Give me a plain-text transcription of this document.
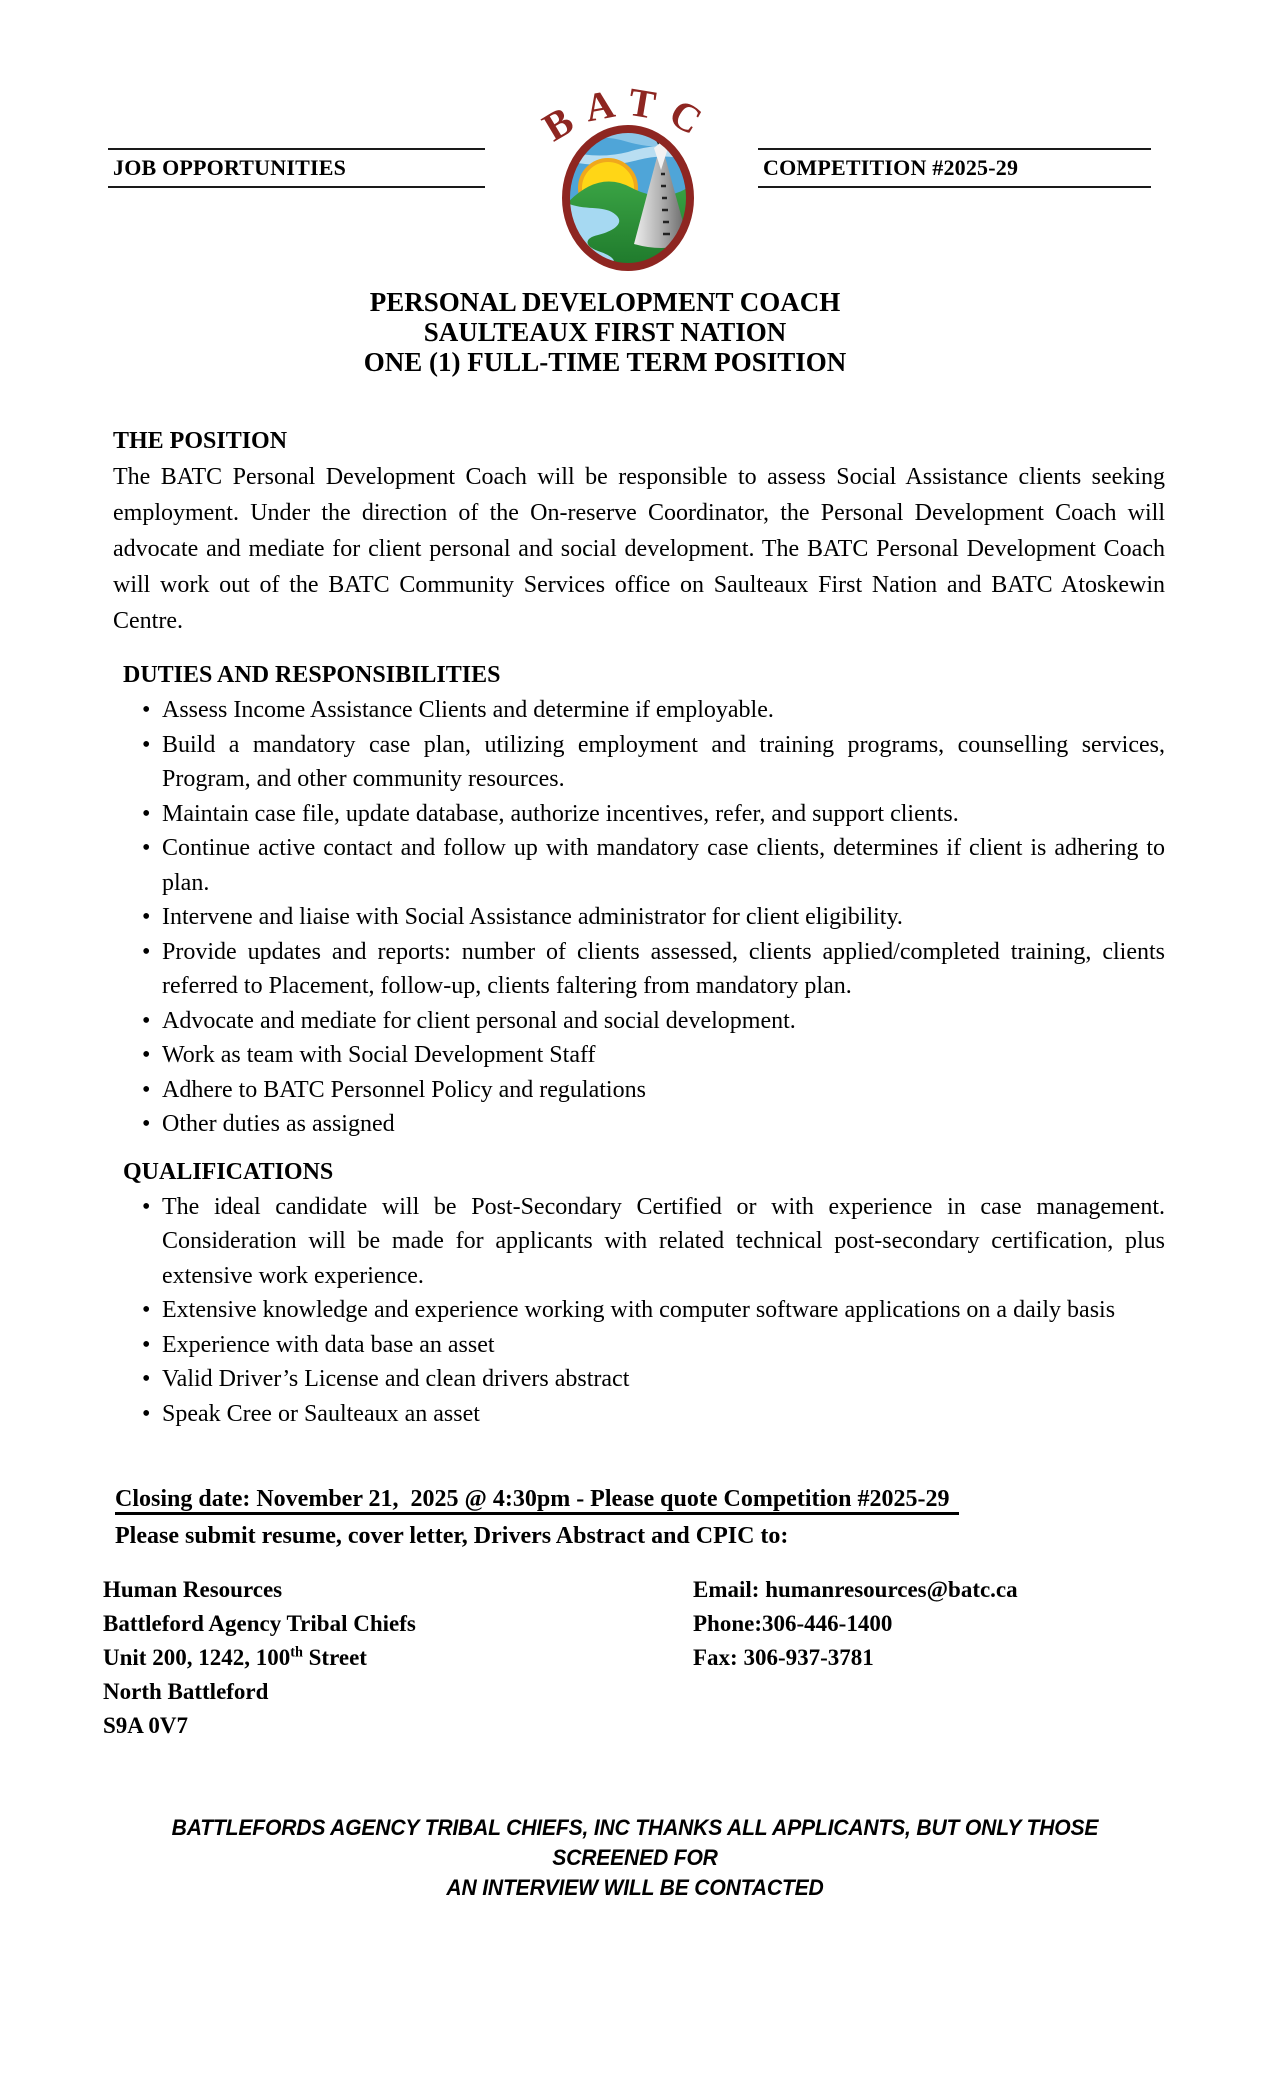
JOB OPPORTUNITIES
BATC
COMPETITION #2025-29
PERSONAL DEVELOPMENT COACH
SAULTEAUX FIRST NATION
ONE (1) FULL-TIME TERM POSITION
THE POSITION

The BATC Personal Development Coach will be responsible to assess Social Assistance clients seeking employment. Under the direction of the On-reserve Coordinator, the Personal Development Coach will advocate and mediate for client personal and social development. The BATC Personal Development Coach will work out of the BATC Community Services office on Saulteaux First Nation and BATC Atoskewin Centre.

DUTIES AND RESPONSIBILITIES
• Assess Income Assistance Clients and determine if employable.
• Build a mandatory case plan, utilizing employment and training programs, counselling services, Program, and other community resources.
• Maintain case file, update database, authorize incentives, refer, and support clients.
• Continue active contact and follow up with mandatory case clients, determines if client is adhering to plan.
• Intervene and liaise with Social Assistance administrator for client eligibility.
• Provide updates and reports: number of clients assessed, clients applied/completed training, clients referred to Placement, follow-up, clients faltering from mandatory plan.
• Advocate and mediate for client personal and social development.
• Work as team with Social Development Staff
• Adhere to BATC Personnel Policy and regulations
• Other duties as assigned
QUALIFICATIONS
• The ideal candidate will be Post-Secondary Certified or with experience in case management. Consideration will be made for applicants with related technical post-secondary certification, plus extensive work experience.
• Extensive knowledge and experience working with computer software applications on a daily basis
• Experience with data base an asset
• Valid Driver’s License and clean drivers abstract
• Speak Cree or Saulteaux an asset
Closing date: November 21,  2025 @ 4:30pm - Please quote Competition #2025-29
Please submit resume, cover letter, Drivers Abstract and CPIC to:
Human Resources
Battleford Agency Tribal Chiefs
Unit 200, 1242, 100th Street
North Battleford
S9A 0V7
Email: humanresources@batc.ca
Phone:306-446-1400
Fax: 306-937-3781
BATTLEFORDS AGENCY TRIBAL CHIEFS, INC THANKS ALL APPLICANTS, BUT ONLY THOSE SCREENED FOR
AN INTERVIEW WILL BE CONTACTED
